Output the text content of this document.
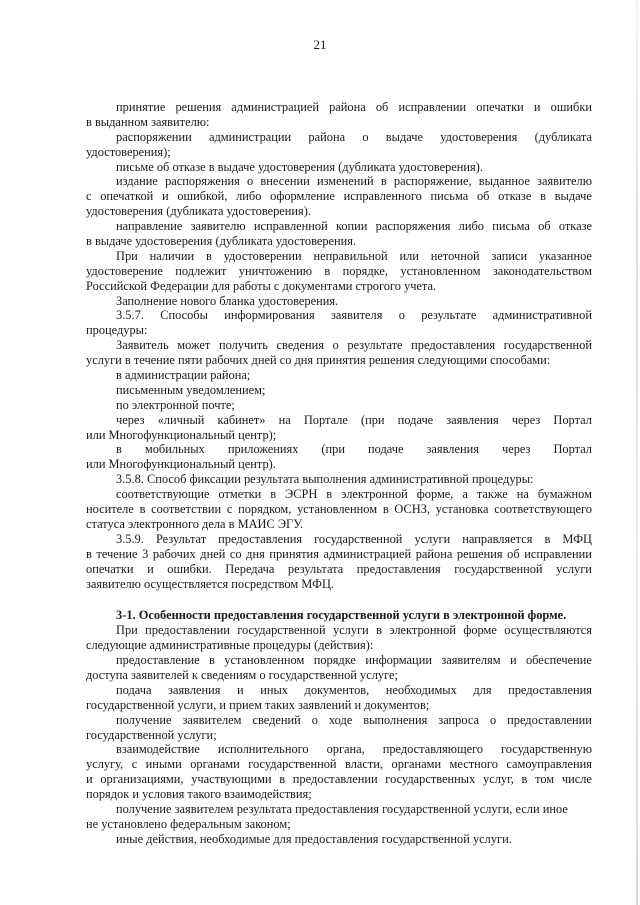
21
принятие решения администрацией района об исправлении опечатки и ошибки
в выданном заявителю:
распоряжении администрации района о выдаче удостоверения (дубликата
удостоверения);
письме об отказе в выдаче удостоверения (дубликата удостоверения).
издание распоряжения о внесении изменений в распоряжение, выданное заявителю
с опечаткой и ошибкой, либо оформление исправленного письма об отказе в выдаче
удостоверения (дубликата удостоверения).
направление заявителю исправленной копии распоряжения либо письма об отказе
в выдаче удостоверения (дубликата удостоверения.
При наличии в удостоверении неправильной или неточной записи указанное
удостоверение подлежит уничтожению в порядке, установленном законодательством
Российской Федерации для работы с документами строгого учета.
Заполнение нового бланка удостоверения.
3.5.7. Способы информирования заявителя о результате административной
процедуры:
Заявитель может получить сведения о результате предоставления государственной
услуги в течение пяти рабочих дней со дня принятия решения следующими способами:
в администрации района;
письменным уведомлением;
по электронной почте;
через «личный кабинет» на Портале (при подаче заявления через Портал
или Многофункциональный центр);
в мобильных приложениях (при подаче заявления через Портал
или Многофункциональный центр).
3.5.8. Способ фиксации результата выполнения административной процедуры:
соответствующие отметки в ЭСРН в электронной форме, а также на бумажном
носителе в соответствии с порядком, установленном в ОСНЗ, установка соответствующего
статуса электронного дела в МАИС ЭГУ.
3.5.9. Результат предоставления государственной услуги направляется в МФЦ
в течение 3 рабочих дней со дня принятия администрацией района решения об исправлении
опечатки и ошибки. Передача результата предоставления государственной услуги
заявителю осуществляется посредством МФЦ.
3-1. Особенности предоставления государственной услуги в электронной форме.
При предоставлении государственной услуги в электронной форме осуществляются
следующие административные процедуры (действия):
предоставление в установленном порядке информации заявителям и обеспечение
доступа заявителей к сведениям о государственной услуге;
подача заявления и иных документов, необходимых для предоставления
государственной услуги, и прием таких заявлений и документов;
получение заявителем сведений о ходе выполнения запроса о предоставлении
государственной услуги;
взаимодействие исполнительного органа, предоставляющего государственную
услугу, с иными органами государственной власти, органами местного самоуправления
и организациями, участвующими в предоставлении государственных услуг, в том числе
порядок и условия такого взаимодействия;
получение заявителем результата предоставления государственной услуги, если иное
не установлено федеральным законом;
иные действия, необходимые для предоставления государственной услуги.
